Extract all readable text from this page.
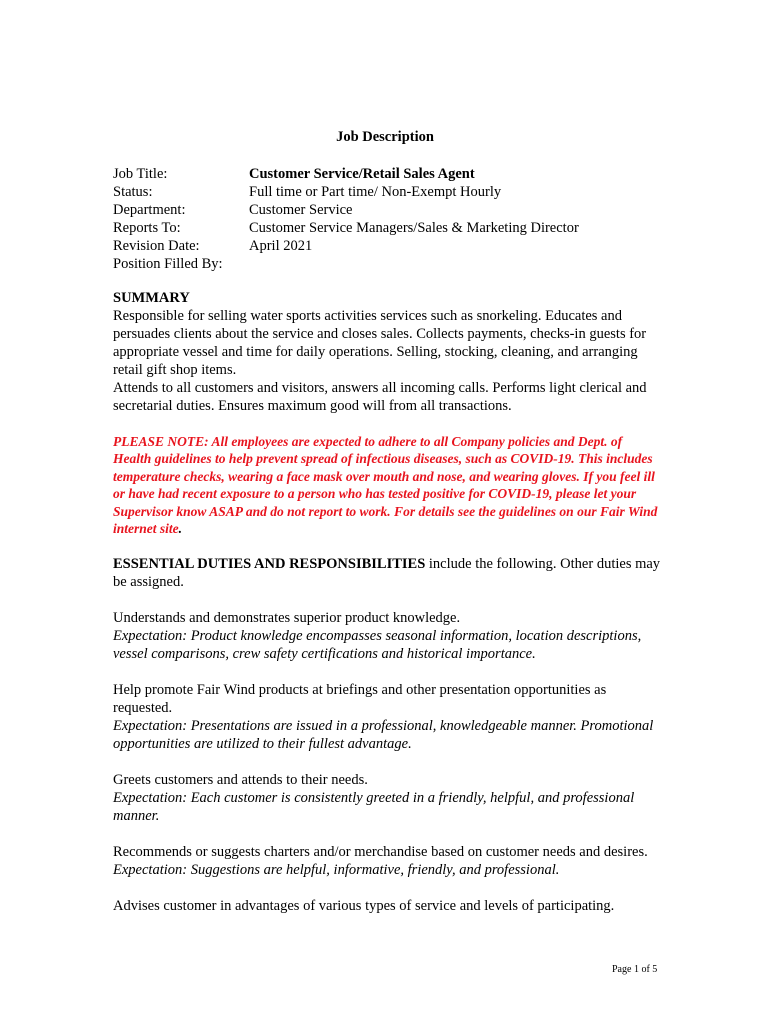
Job Description
Job Title:	Customer Service/Retail Sales Agent
Status:	Full time or Part time/ Non-Exempt Hourly
Department:	Customer Service
Reports To:	Customer Service Managers/Sales & Marketing Director
Revision Date:	April 2021
Position Filled By:
SUMMARY

Responsible for selling water sports activities services such as snorkeling. Educates and persuades clients about the service and closes sales. Collects payments, checks-in guests for appropriate vessel and time for daily operations. Selling, stocking, cleaning, and arranging retail gift shop items.

Attends to all customers and visitors, answers all incoming calls. Performs light clerical and secretarial duties. Ensures maximum good will from all transactions.

PLEASE NOTE: All employees are expected to adhere to all Company policies and Dept. of Health guidelines to help prevent spread of infectious diseases, such as COVID-19. This includes temperature checks, wearing a face mask over mouth and nose, and wearing gloves. If you feel ill or have had recent exposure to a person who has tested positive for COVID-19, please let your Supervisor know ASAP and do not report to work. For details see the guidelines on our Fair Wind internet site.

ESSENTIAL DUTIES AND RESPONSIBILITIES include the following. Other duties may be assigned.

Understands and demonstrates superior product knowledge.

Expectation: Product knowledge encompasses seasonal information, location descriptions, vessel comparisons, crew safety certifications and historical importance.

Help promote Fair Wind products at briefings and other presentation opportunities as requested.

Expectation: Presentations are issued in a professional, knowledgeable manner. Promotional opportunities are utilized to their fullest advantage.

Greets customers and attends to their needs.

Expectation: Each customer is consistently greeted in a friendly, helpful, and professional manner.

Recommends or suggests charters and/or merchandise based on customer needs and desires.

Expectation: Suggestions are helpful, informative, friendly, and professional.

Advises customer in advantages of various types of service and levels of participating.

Page 1 of 5
